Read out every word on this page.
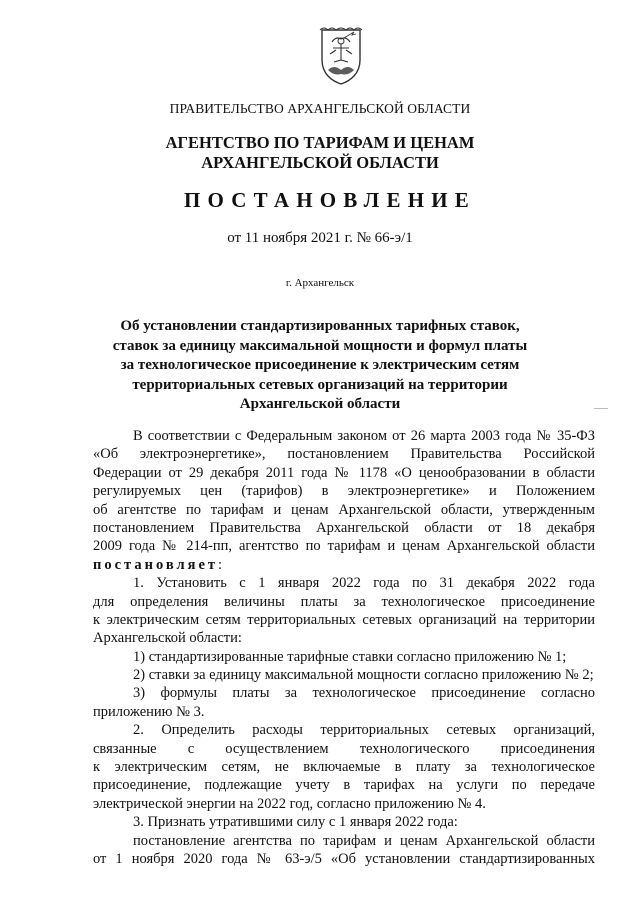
ПРАВИТЕЛЬСТВО АРХАНГЕЛЬСКОЙ ОБЛАСТИ
АГЕНТСТВО ПО ТАРИФАМ И ЦЕНАМ
АРХАНГЕЛЬСКОЙ ОБЛАСТИ
ПОСТАНОВЛЕНИЕ
от 11 ноября 2021 г. № 66-э/1
г. Архангельск
Об установлении стандартизированных тарифных ставок,
ставок за единицу максимальной мощности и формул платы
за технологическое присоединение к электрическим сетям
территориальных сетевых организаций на территории
Архангельской области
В соответствии с Федеральным законом от 26 марта 2003 года № 35-ФЗ
«Об электроэнергетике», постановлением Правительства Российской
Федерации от 29 декабря 2011 года № 1178 «О ценообразовании в области
регулируемых цен (тарифов) в электроэнергетике» и Положением
об агентстве по тарифам и ценам Архангельской области, утвержденным
постановлением Правительства Архангельской области от 18 декабря
2009 года № 214-пп, агентство по тарифам и ценам Архангельской области
постановляет:
1. Установить с 1 января 2022 года по 31 декабря 2022 года
для определения величины платы за технологическое присоединение
к электрическим сетям территориальных сетевых организаций на территории
Архангельской области:
1) стандартизированные тарифные ставки согласно приложению № 1;
2) ставки за единицу максимальной мощности согласно приложению № 2;
3) формулы платы за технологическое присоединение согласно
приложению № 3.
2. Определить расходы территориальных сетевых организаций,
связанные с осуществлением технологического присоединения
к электрическим сетям, не включаемые в плату за технологическое
присоединение, подлежащие учету в тарифах на услуги по передаче
электрической энергии на 2022 год, согласно приложению № 4.
3. Признать утратившими силу с 1 января 2022 года:
постановление агентства по тарифам и ценам Архангельской области
от 1 ноября 2020 года № 63-э/5 «Об установлении стандартизированных
